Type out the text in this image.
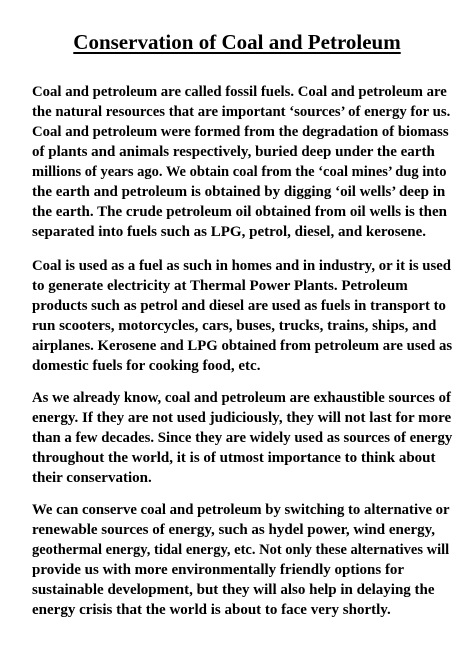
Conservation of Coal and Petroleum

Coal and petroleum are called fossil fuels. Coal and petroleum are
the natural resources that are important ‘sources’ of energy for us.
Coal and petroleum were formed from the degradation of biomass
of plants and animals respectively, buried deep under the earth
millions of years ago. We obtain coal from the ‘coal mines’ dug into
the earth and petroleum is obtained by digging ‘oil wells’ deep in
the earth. The crude petroleum oil obtained from oil wells is then
separated into fuels such as LPG, petrol, diesel, and kerosene.

Coal is used as a fuel as such in homes and in industry, or it is used
to generate electricity at Thermal Power Plants. Petroleum
products such as petrol and diesel are used as fuels in transport to
run scooters, motorcycles, cars, buses, trucks, trains, ships, and
airplanes. Kerosene and LPG obtained from petroleum are used as
domestic fuels for cooking food, etc.

As we already know, coal and petroleum are exhaustible sources of
energy. If they are not used judiciously, they will not last for more
than a few decades. Since they are widely used as sources of energy
throughout the world, it is of utmost importance to think about
their conservation.

We can conserve coal and petroleum by switching to alternative or
renewable sources of energy, such as hydel power, wind energy,
geothermal energy, tidal energy, etc. Not only these alternatives will
provide us with more environmentally friendly options for
sustainable development, but they will also help in delaying the
energy crisis that the world is about to face very shortly.
